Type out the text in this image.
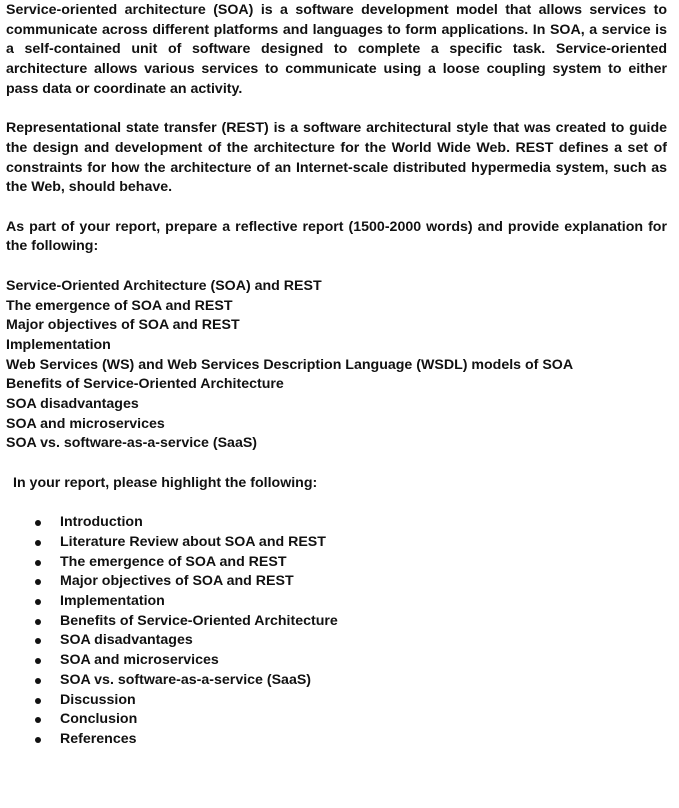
Service-oriented architecture (SOA) is a software development model that allows services to communicate across different platforms and languages to form applications. In SOA, a service is a self-contained unit of software designed to complete a specific task. Service-oriented architecture allows various services to communicate using a loose coupling system to either pass data or coordinate an activity.

Representational state transfer (REST) is a software architectural style that was created to guide the design and development of the architecture for the World Wide Web. REST defines a set of constraints for how the architecture of an Internet-scale distributed hypermedia system, such as the Web, should behave.

As part of your report, prepare a reflective report (1500-2000 words) and provide explanation for the following:

Service-Oriented Architecture (SOA) and REST

The emergence of SOA and REST

Major objectives of SOA and REST

Implementation

Web Services (WS) and Web Services Description Language (WSDL) models of SOA

Benefits of Service-Oriented Architecture

SOA disadvantages

SOA and microservices

SOA vs. software-as-a-service (SaaS)

In your report, please highlight the following:

Introduction
Literature Review about SOA and REST
The emergence of SOA and REST
Major objectives of SOA and REST
Implementation
Benefits of Service-Oriented Architecture
SOA disadvantages
SOA and microservices
SOA vs. software-as-a-service (SaaS)
Discussion
Conclusion
References
